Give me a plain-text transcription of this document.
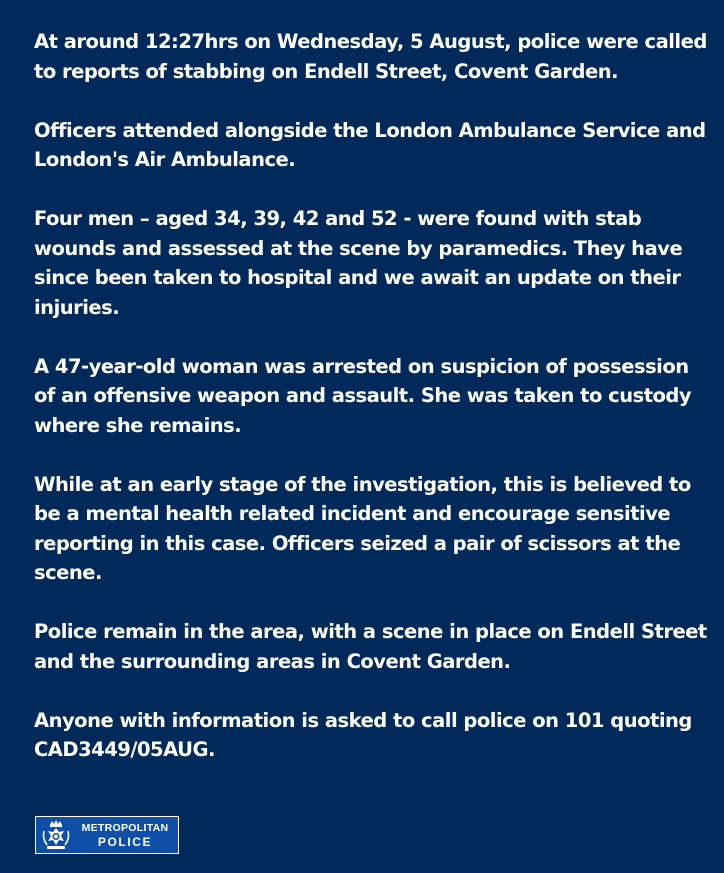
At around 12:27hrs on Wednesday, 5 August, police were called to reports of stabbing on Endell Street, Covent Garden.

Officers attended alongside the London Ambulance Service and London's Air Ambulance.

Four men – aged 34, 39, 42 and 52 - were found with stab wounds and assessed at the scene by paramedics. They have since been taken to hospital and we await an update on their injuries.

A 47-year-old woman was arrested on suspicion of possession of an offensive weapon and assault. She was taken to custody where she remains.

While at an early stage of the investigation, this is believed to be a mental health related incident and encourage sensitive reporting in this case. Officers seized a pair of scissors at the scene.

Police remain in the area, with a scene in place on Endell Street and the surrounding areas in Covent Garden.

Anyone with information is asked to call police on 101 quoting CAD3449/05AUG.

METROPOLITAN
POLICE
